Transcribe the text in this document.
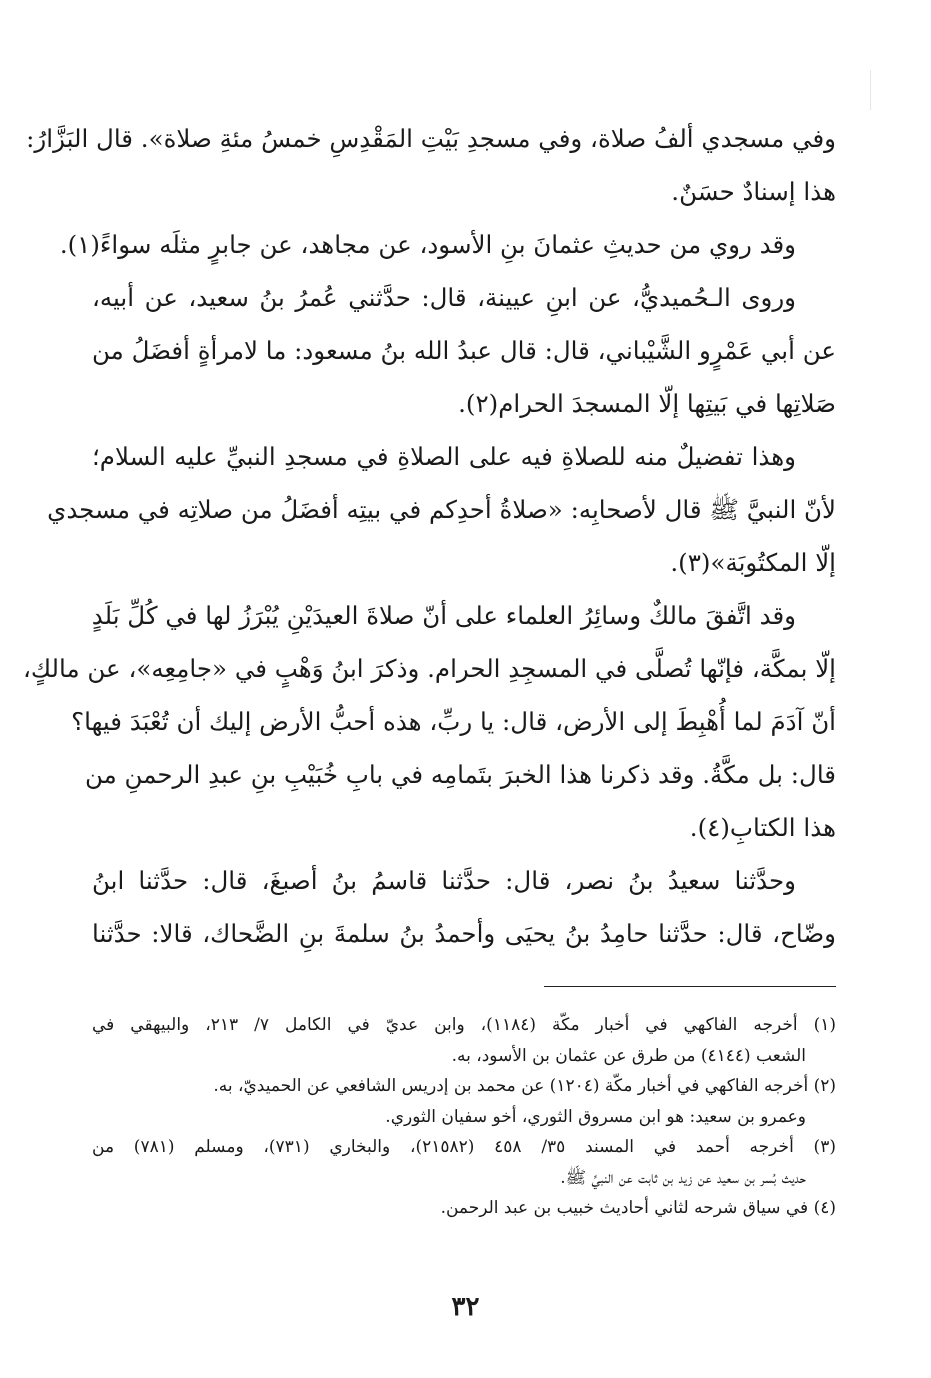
وفي مسجدي ألفُ صلاة، وفي مسجدِ بَيْتِ المَقْدِسِ خمسُ مئةِ صلاة». قال البَزَّارُ:
هذا إسنادٌ حسَنٌ.
وقد روي من حديثِ عثمانَ بنِ الأسود، عن مجاهد، عن جابرٍ مثلَه سواءً(١).
وروى الـحُميديُّ، عن ابنِ عيينة، قال: حدَّثني عُمرُ بنُ سعيد، عن أبيه،
عن أبي عَمْرٍو الشَّيْباني، قال: قال عبدُ الله بنُ مسعود: ما لامرأةٍ أفضَلُ من
صَلاتِها في بَيتِها إلّا المسجدَ الحرام(٢).
وهذا تفضيلٌ منه للصلاةِ فيه على الصلاةِ في مسجدِ النبيِّ عليه السلام؛
لأنّ النبيَّ ﷺ قال لأصحابِه: «صلاةُ أحدِكم في بيتِه أفضَلُ من صلاتِه في مسجدي
إلّا المكتُوبَة»(٣).
وقد اتَّفقَ مالكٌ وسائِرُ العلماء على أنّ صلاةَ العيدَيْنِ يُبْرَزُ لها في كُلِّ بَلَدٍ
إلّا بمكَّة، فإنّها تُصلَّى في المسجِدِ الحرام. وذكرَ ابنُ وَهْبٍ في «جامِعِه»، عن مالكٍ،
أنّ آدَمَ لما أُهْبِطَ إلى الأرض، قال: يا ربِّ، هذه أحبُّ الأرض إليك أن تُعْبَدَ فيها؟
قال: بل مكَّةُ. وقد ذكرنا هذا الخبرَ بتَمامِه في بابِ خُبَيْبِ بنِ عبدِ الرحمنِ من
هذا الكتابِ(٤).
وحدَّثنا سعيدُ بنُ نصر، قال: حدَّثنا قاسمُ بنُ أصبغَ، قال: حدَّثنا ابنُ
وضّاح، قال: حدَّثنا حامِدُ بنُ يحيَى وأحمدُ بنُ سلمةَ بنِ الضَّحاك، قالا: حدَّثنا
(١) أخرجه الفاكهي في أخبار مكّة (١١٨٤)، وابن عديّ في الكامل ٧/ ٢١٣، والبيهقي في
الشعب (٤١٤٤) من طرق عن عثمان بن الأسود، به.
(٢) أخرجه الفاكهي في أخبار مكّة (١٢٠٤) عن محمد بن إدريس الشافعي عن الحميديّ، به.
وعمرو بن سعيد: هو ابن مسروق الثوري، أخو سفيان الثوري.
(٣) أخرجه أحمد في المسند ٣٥/ ٤٥٨ (٢١٥٨٢)، والبخاري (٧٣١)، ومسلم (٧٨١) من
حديث بُسر بن سعيد عن زيد بن ثابت عن النبيِّ ﷺ.
(٤) في سياق شرحه لثاني أحاديث خبيب بن عبد الرحمن.
٣٢
